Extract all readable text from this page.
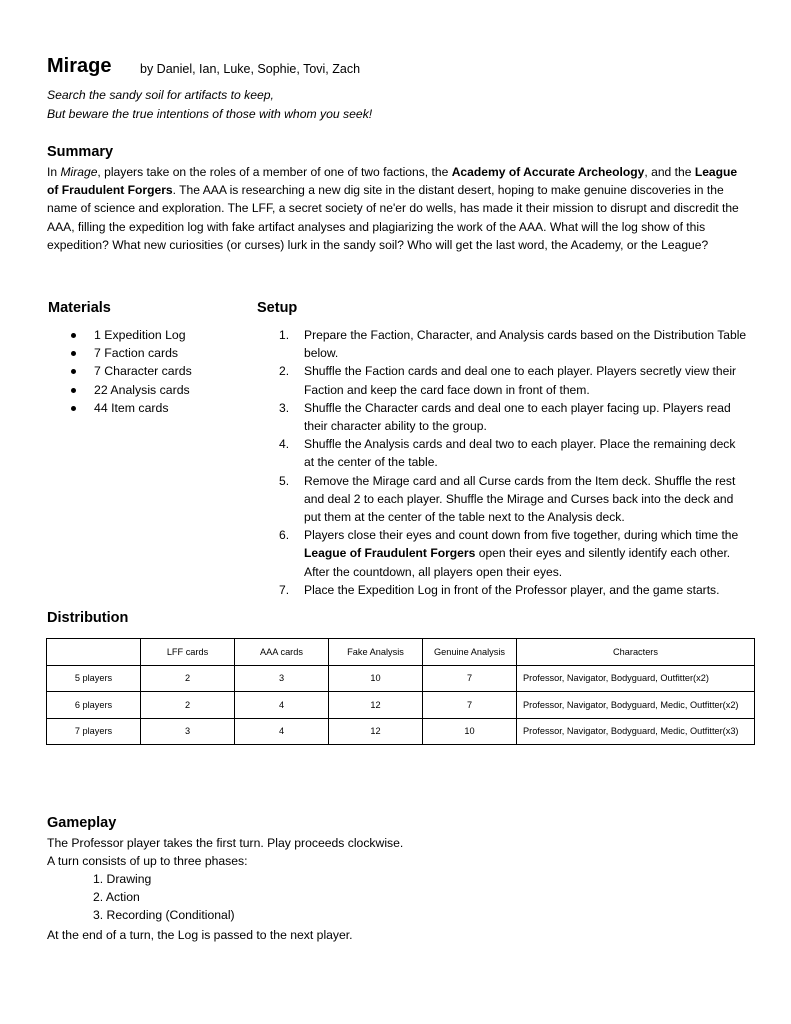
Mirage by Daniel, Ian, Luke, Sophie, Tovi, Zach
Search the sandy soil for artifacts to keep,
But beware the true intentions of those with whom you seek!
Summary

In Mirage, players take on the roles of a member of one of two factions, the Academy of Accurate Archeology, and the League of Fraudulent Forgers. The AAA is researching a new dig site in the distant desert, hoping to make genuine discoveries in the name of science and exploration. The LFF, a secret society of ne'er do wells, has made it their mission to disrupt and discredit the AAA, filling the expedition log with fake artifact analyses and plagiarizing the work of the AAA. What will the log show of this expedition? What new curiosities (or curses) lurk in the sandy soil? Who will get the last word, the Academy, or the League?

Materials
1 Expedition Log
7 Faction cards
7 Character cards
22 Analysis cards
44 Item cards
Setup
1. Prepare the Faction, Character, and Analysis cards based on the Distribution Table below.
2. Shuffle the Faction cards and deal one to each player. Players secretly view their Faction and keep the card face down in front of them.
3. Shuffle the Character cards and deal one to each player facing up. Players read their character ability to the group.
4. Shuffle the Analysis cards and deal two to each player. Place the remaining deck at the center of the table.
5. Remove the Mirage card and all Curse cards from the Item deck. Shuffle the rest and deal 2 to each player. Shuffle the Mirage and Curses back into the deck and put them at the center of the table next to the Analysis deck.
6. Players close their eyes and count down from five together, during which time the League of Fraudulent Forgers open their eyes and silently identify each other. After the countdown, all players open their eyes.
7. Place the Expedition Log in front of the Professor player, and the game starts.
Distribution
	LFF cards	AAA cards	Fake Analysis	Genuine Analysis	Characters
5 players	2	3	10	7	Professor, Navigator, Bodyguard, Outfitter(x2)
6 players	2	4	12	7	Professor, Navigator, Bodyguard, Medic, Outfitter(x2)
7 players	3	4	12	10	Professor, Navigator, Bodyguard, Medic, Outfitter(x3)
Gameplay
The Professor player takes the first turn. Play proceeds clockwise.
A turn consists of up to three phases:
1. Drawing
2. Action
3. Recording (Conditional)
At the end of a turn, the Log is passed to the next player.
